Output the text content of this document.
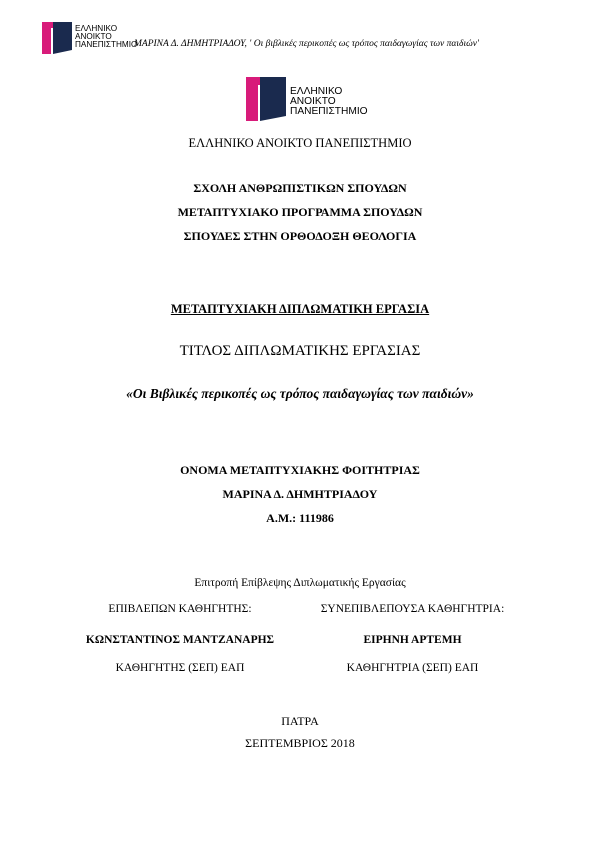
ΕΛΛΗΝΙΚΟ
ΑΝΟΙΚΤΟ
ΠΑΝΕΠΙΣΤΗΜΙΟ
ΜΑΡΙΝΑ Δ. ΔΗΜΗΤΡΙΑΔΟΥ, ' Οι βιβλικές περικοπές ως τρόπος παιδαγωγίας των παιδιών'
ΕΛΛΗΝΙΚΟ
ΑΝΟΙΚΤΟ
ΠΑΝΕΠΙΣΤΗΜΙΟ
ΕΛΛΗΝΙΚΟ ΑΝΟΙΚΤΟ ΠΑΝΕΠΙΣΤΗΜΙΟ
ΣΧΟΛΗ ΑΝΘΡΩΠΙΣΤΙΚΩΝ ΣΠΟΥΔΩΝ
ΜΕΤΑΠΤΥΧΙΑΚΟ ΠΡΟΓΡΑΜΜΑ ΣΠΟΥΔΩΝ
ΣΠΟΥΔΕΣ ΣΤΗΝ ΟΡΘΟΔΟΞΗ ΘΕΟΛΟΓΙΑ
ΜΕΤΑΠΤΥΧΙΑΚΗ ΔΙΠΛΩΜΑΤΙΚΗ ΕΡΓΑΣΙΑ
ΤΙΤΛΟΣ ΔΙΠΛΩΜΑΤΙΚΗΣ ΕΡΓΑΣΙΑΣ
«Οι Βιβλικές περικοπές ως τρόπος παιδαγωγίας των παιδιών»
ΟΝΟΜΑ ΜΕΤΑΠΤΥΧΙΑΚΗΣ ΦΟΙΤΗΤΡΙΑΣ
ΜΑΡΙΝΑ Δ. ΔΗΜΗΤΡΙΑΔΟΥ
Α.Μ.: 111986
Επιτροπή Επίβλεψης Διπλωματικής Εργασίας
ΕΠΙΒΛΕΠΩΝ ΚΑΘΗΓΗΤΗΣ:	ΣΥΝΕΠΙΒΛΕΠΟΥΣΑ ΚΑΘΗΓΗΤΡΙΑ:
ΚΩΝΣΤΑΝΤΙΝΟΣ ΜΑΝΤΖΑΝΑΡΗΣ	ΕΙΡΗΝΗ ΑΡΤΕΜΗ
ΚΑΘΗΓΗΤΗΣ (ΣΕΠ) ΕΑΠ	ΚΑΘΗΓΗΤΡΙΑ (ΣΕΠ) ΕΑΠ
ΠΑΤΡΑ
ΣΕΠΤΕΜΒΡΙΟΣ 2018
